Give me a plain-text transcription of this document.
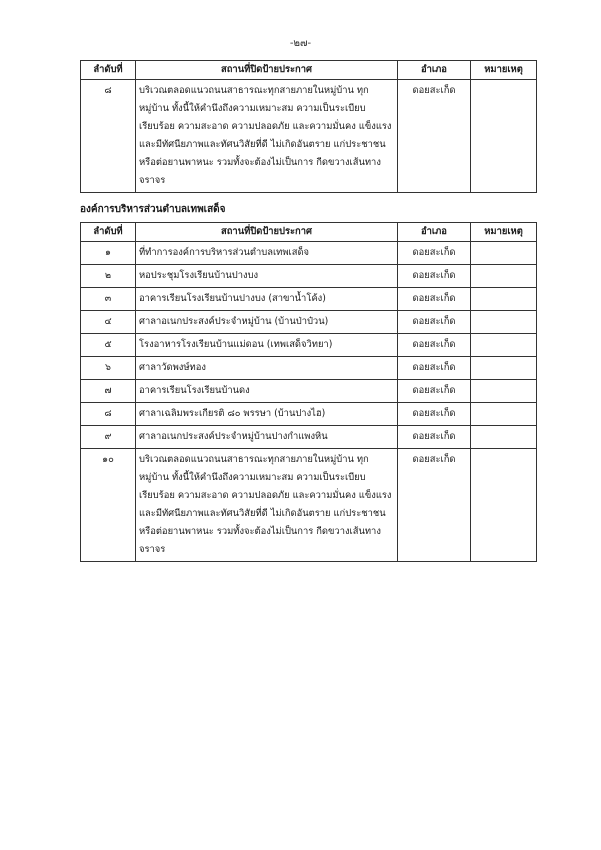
-๒๗-
ลำดับที่	สถานที่ปิดป้ายประกาศ	อำเภอ	หมายเหตุ
๘	บริเวณตลอดแนวถนนสาธารณะทุกสายภายในหมู่บ้าน ทุกหมู่บ้าน ทั้งนี้ให้คำนึงถึงความเหมาะสม ความเป็นระเบียบ เรียบร้อย ความสะอาด ความปลอดภัย และความมั่นคง แข็งแรง และมีทัศนียภาพและทัศนวิสัยที่ดี ไม่เกิดอันตราย แก่ประชาชนหรือต่อยานพาหนะ รวมทั้งจะต้องไม่เป็นการ กีดขวางเส้นทางจราจร	ดอยสะเก็ด	
องค์การบริหารส่วนตำบลเทพเสด็จ
ลำดับที่	สถานที่ปิดป้ายประกาศ	อำเภอ	หมายเหตุ
๑	ที่ทำการองค์การบริหารส่วนตำบลเทพเสด็จ	ดอยสะเก็ด	
๒	หอประชุมโรงเรียนบ้านปางบง	ดอยสะเก็ด	
๓	อาคารเรียนโรงเรียนบ้านปางบง (สาขาน้ำโค้ง)	ดอยสะเก็ด	
๔	ศาลาอเนกประสงค์ประจำหมู่บ้าน (บ้านป่าป๋วน)	ดอยสะเก็ด	
๕	โรงอาหารโรงเรียนบ้านแม่ดอน (เทพเสด็จวิทยา)	ดอยสะเก็ด	
๖	ศาลาวัดพงษ์ทอง	ดอยสะเก็ด	
๗	อาคารเรียนโรงเรียนบ้านดง	ดอยสะเก็ด	
๘	ศาลาเฉลิมพระเกียรติ ๘๐ พรรษา (บ้านปางไฮ)	ดอยสะเก็ด	
๙	ศาลาอเนกประสงค์ประจำหมู่บ้านปางกำแพงหิน	ดอยสะเก็ด	
๑๐	บริเวณตลอดแนวถนนสาธารณะทุกสายภายในหมู่บ้าน ทุกหมู่บ้าน ทั้งนี้ให้คำนึงถึงความเหมาะสม ความเป็นระเบียบ เรียบร้อย ความสะอาด ความปลอดภัย และความมั่นคง แข็งแรง และมีทัศนียภาพและทัศนวิสัยที่ดี ไม่เกิดอันตราย แก่ประชาชนหรือต่อยานพาหนะ รวมทั้งจะต้องไม่เป็นการ กีดขวางเส้นทางจราจร	ดอยสะเก็ด	
